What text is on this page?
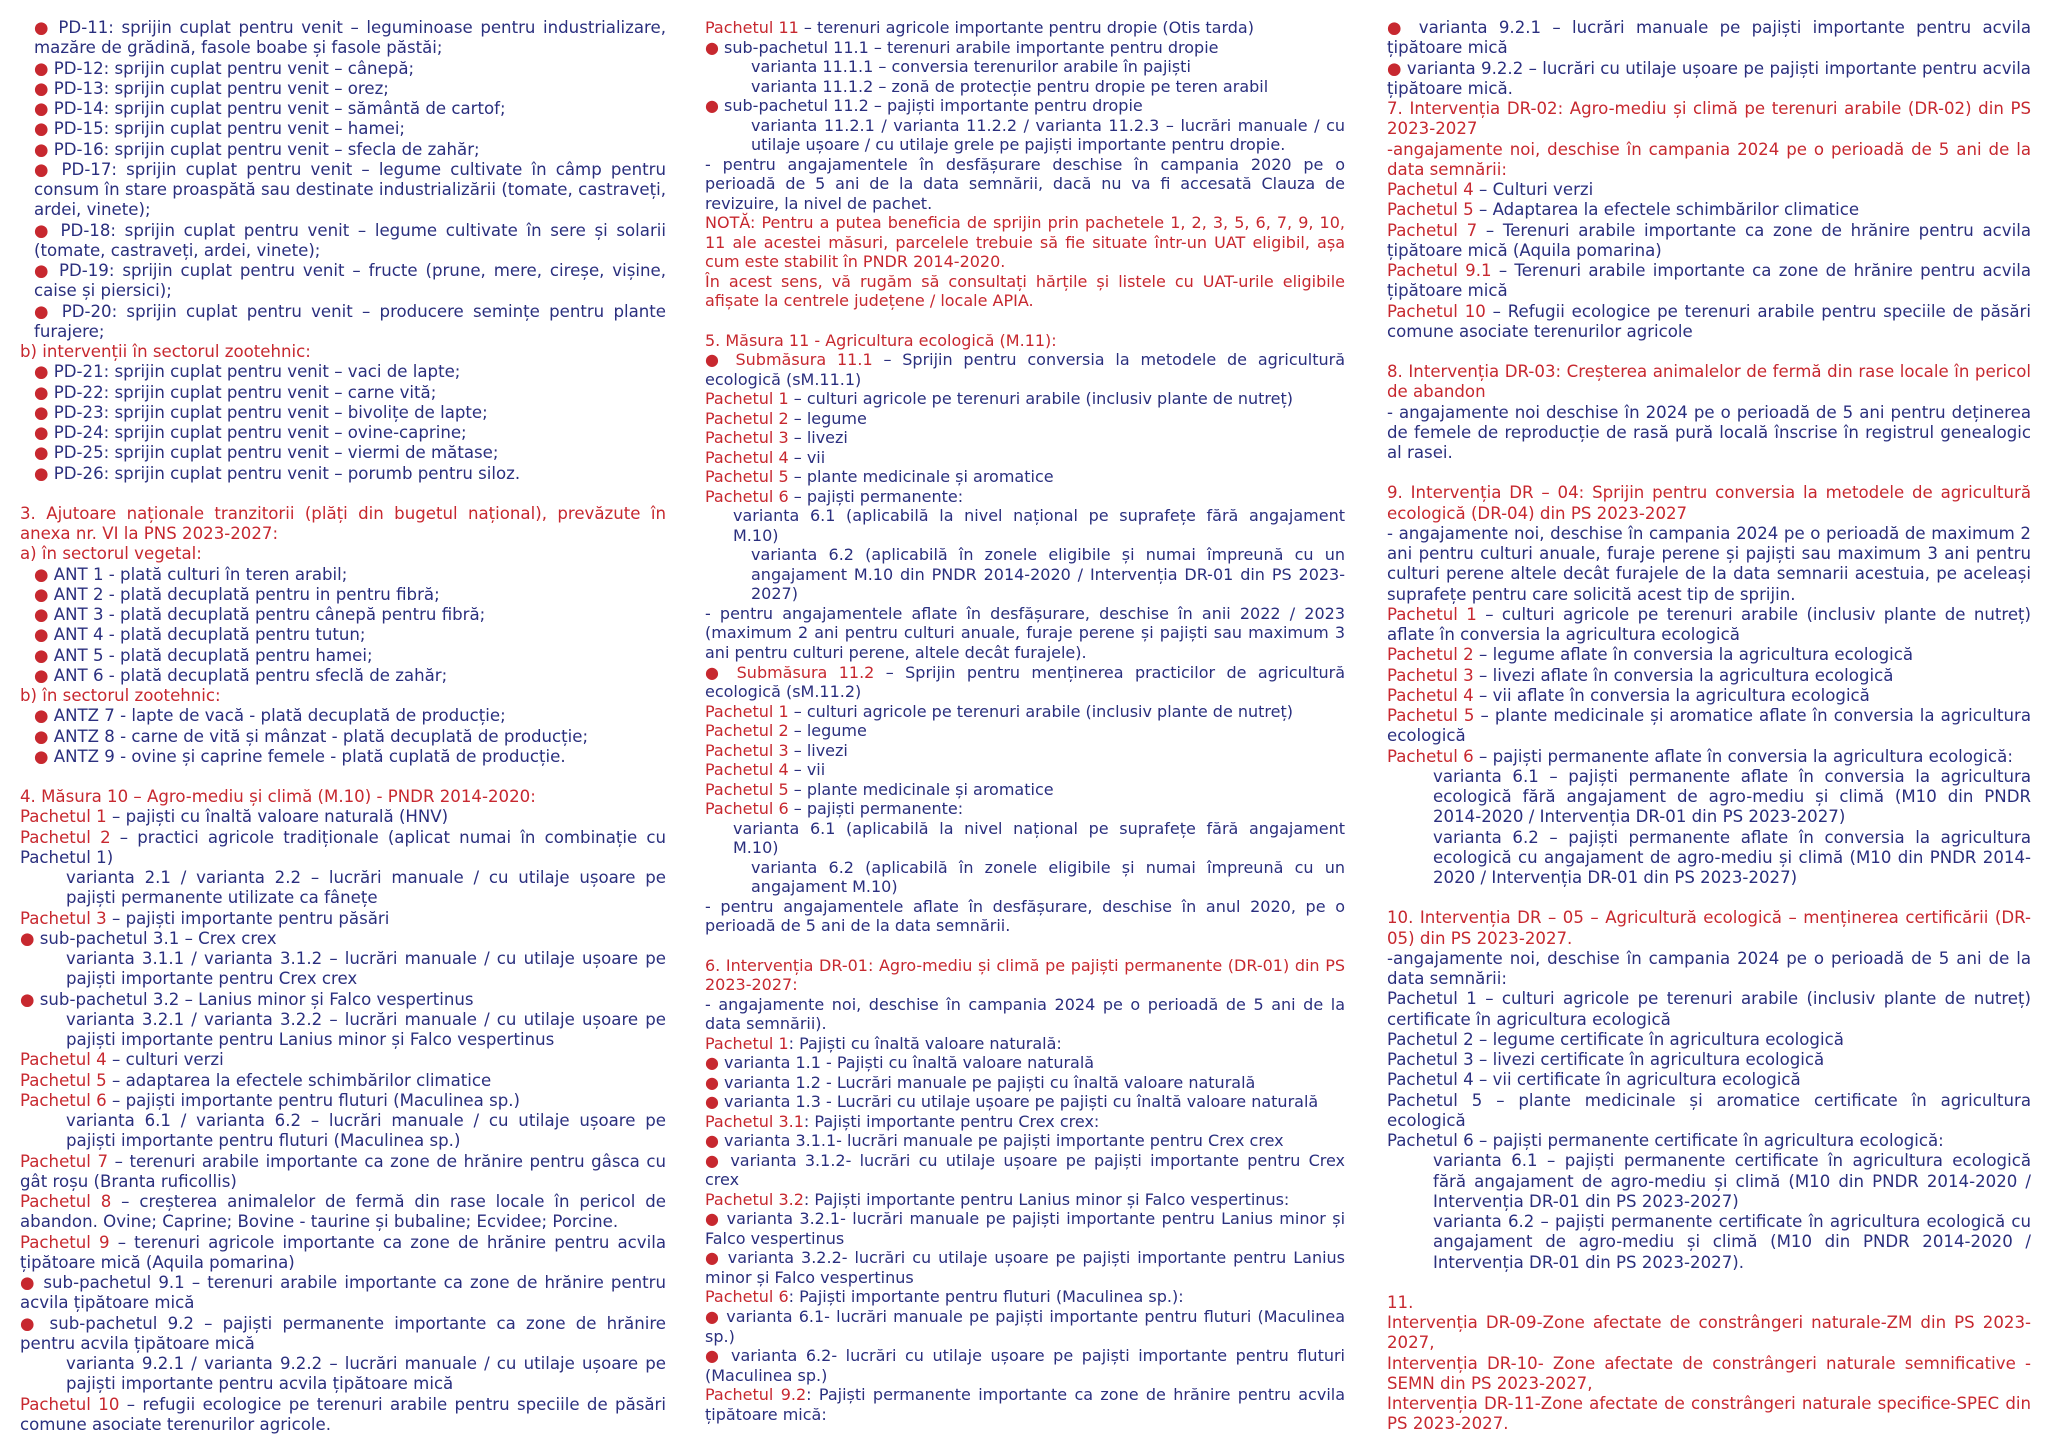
● PD-11: sprijin cuplat pentru venit – leguminoase pentru industrializare, mazăre de grădină, fasole boabe și fasole păstăi;
● PD-12: sprijin cuplat pentru venit – cânepă;
● PD-13: sprijin cuplat pentru venit – orez;
● PD-14: sprijin cuplat pentru venit – sământă de cartof;
● PD-15: sprijin cuplat pentru venit – hamei;
● PD-16: sprijin cuplat pentru venit – sfecla de zahăr;
● PD-17: sprijin cuplat pentru venit – legume cultivate în câmp pentru consum în stare proaspătă sau destinate industrializării (tomate, castraveți, ardei, vinete);
● PD-18: sprijin cuplat pentru venit – legume cultivate în sere și solarii (tomate, castraveți, ardei, vinete);
● PD-19: sprijin cuplat pentru venit – fructe (prune, mere, cireșe, vișine, caise și piersici);
● PD-20: sprijin cuplat pentru venit – producere semințe pentru plante furajere;
b) intervenții în sectorul zootehnic:
● PD-21: sprijin cuplat pentru venit – vaci de lapte;
● PD-22: sprijin cuplat pentru venit – carne vită;
● PD-23: sprijin cuplat pentru venit – bivolițe de lapte;
● PD-24: sprijin cuplat pentru venit – ovine-caprine;
● PD-25: sprijin cuplat pentru venit – viermi de mătase;
● PD-26: sprijin cuplat pentru venit – porumb pentru siloz.
3. Ajutoare naționale tranzitorii (plăți din bugetul național), prevăzute în anexa nr. VI la PNS 2023-2027:
a) în sectorul vegetal:
● ANT 1 - plată culturi în teren arabil;
● ANT 2 - plată decuplată pentru in pentru fibră;
● ANT 3 - plată decuplată pentru cânepă pentru fibră;
● ANT 4 - plată decuplată pentru tutun;
● ANT 5 - plată decuplată pentru hamei;
● ANT 6 - plată decuplată pentru sfeclă de zahăr;
b) în sectorul zootehnic:
● ANTZ 7 - lapte de vacă - plată decuplată de producție;
● ANTZ 8 - carne de vită și mânzat - plată decuplată de producție;
● ANTZ 9 - ovine și caprine femele - plată cuplată de producție.
4. Măsura 10 – Agro-mediu și climă (M.10) - PNDR 2014-2020:
Pachetul 1 – pajiști cu înaltă valoare naturală (HNV)
Pachetul 2 – practici agricole tradiționale (aplicat numai în combinație cu Pachetul 1)
varianta 2.1 / varianta 2.2 – lucrări manuale / cu utilaje ușoare pe pajiști permanente utilizate ca fânețe
Pachetul 3 – pajiști importante pentru păsări
● sub-pachetul 3.1 – Crex crex
varianta 3.1.1 / varianta 3.1.2 – lucrări manuale / cu utilaje ușoare pe pajiști importante pentru Crex crex
● sub-pachetul 3.2 – Lanius minor și Falco vespertinus
varianta 3.2.1 / varianta 3.2.2 – lucrări manuale / cu utilaje ușoare pe pajiști importante pentru Lanius minor și Falco vespertinus
Pachetul 4 – culturi verzi
Pachetul 5 – adaptarea la efectele schimbărilor climatice
Pachetul 6 – pajiști importante pentru fluturi (Maculinea sp.)
varianta 6.1 / varianta 6.2 – lucrări manuale / cu utilaje ușoare pe pajiști importante pentru fluturi (Maculinea sp.)
Pachetul 7 – terenuri arabile importante ca zone de hrănire pentru gâsca cu gât roșu (Branta ruficollis)
Pachetul 8 – creșterea animalelor de fermă din rase locale în pericol de abandon. Ovine; Caprine; Bovine - taurine și bubaline; Ecvidee; Porcine.
Pachetul 9 – terenuri agricole importante ca zone de hrănire pentru acvila țipătoare mică (Aquila pomarina)
● sub-pachetul 9.1 – terenuri arabile importante ca zone de hrănire pentru acvila țipătoare mică
● sub-pachetul 9.2 – pajiști permanente importante ca zone de hrănire pentru acvila țipătoare mică
varianta 9.2.1 / varianta 9.2.2 – lucrări manuale / cu utilaje ușoare pe pajiști importante pentru acvila țipătoare mică
Pachetul 10 – refugii ecologice pe terenuri arabile pentru speciile de păsări comune asociate terenurilor agricole.
Pachetul 11 – terenuri agricole importante pentru dropie (Otis tarda)
● sub-pachetul 11.1 – terenuri arabile importante pentru dropie
varianta 11.1.1 – conversia terenurilor arabile în pajiști
varianta 11.1.2 – zonă de protecție pentru dropie pe teren arabil
● sub-pachetul 11.2 – pajiști importante pentru dropie
varianta 11.2.1 / varianta 11.2.2 / varianta 11.2.3 – lucrări manuale / cu utilaje ușoare / cu utilaje grele pe pajiști importante pentru dropie.
- pentru angajamentele în desfășurare deschise în campania 2020 pe o perioadă de 5 ani de la data semnării, dacă nu va fi accesată Clauza de revizuire, la nivel de pachet.
NOTĂ: Pentru a putea beneficia de sprijin prin pachetele 1, 2, 3, 5, 6, 7, 9, 10, 11 ale acestei măsuri, parcelele trebuie să fie situate într-un UAT eligibil, așa cum este stabilit în PNDR 2014-2020.
În acest sens, vă rugăm să consultați hărțile și listele cu UAT-urile eligibile afișate la centrele județene / locale APIA.
5. Măsura 11 - Agricultura ecologică (M.11):
● Submăsura 11.1 – Sprijin pentru conversia la metodele de agricultură ecologică (sM.11.1)
Pachetul 1 – culturi agricole pe terenuri arabile (inclusiv plante de nutreț)
Pachetul 2 – legume
Pachetul 3 – livezi
Pachetul 4 – vii
Pachetul 5 – plante medicinale și aromatice
Pachetul 6 – pajiști permanente:
varianta 6.1 (aplicabilă la nivel național pe suprafețe fără angajament M.10)
varianta 6.2 (aplicabilă în zonele eligibile și numai împreună cu un angajament M.10 din PNDR 2014-2020 / Intervenția DR-01 din PS 2023-2027)
- pentru angajamentele aflate în desfășurare, deschise în anii 2022 / 2023 (maximum 2 ani pentru culturi anuale, furaje perene și pajiști sau maximum 3 ani pentru culturi perene, altele decât furajele).
● Submăsura 11.2 – Sprijin pentru menținerea practicilor de agricultură ecologică (sM.11.2)
Pachetul 1 – culturi agricole pe terenuri arabile (inclusiv plante de nutreț)
Pachetul 2 – legume
Pachetul 3 – livezi
Pachetul 4 – vii
Pachetul 5 – plante medicinale și aromatice
Pachetul 6 – pajiști permanente:
varianta 6.1 (aplicabilă la nivel național pe suprafețe fără angajament M.10)
varianta 6.2 (aplicabilă în zonele eligibile și numai împreună cu un angajament M.10)
- pentru angajamentele aflate în desfășurare, deschise în anul 2020, pe o perioadă de 5 ani de la data semnării.
6. Intervenția DR-01: Agro-mediu și climă pe pajiști permanente (DR-01) din PS 2023-2027:
- angajamente noi, deschise în campania 2024 pe o perioadă de 5 ani de la data semnării).
Pachetul 1: Pajiști cu înaltă valoare naturală:
● varianta 1.1 - Pajiști cu înaltă valoare naturală
● varianta 1.2 - Lucrări manuale pe pajiști cu înaltă valoare naturală
● varianta 1.3 - Lucrări cu utilaje ușoare pe pajiști cu înaltă valoare naturală
Pachetul 3.1: Pajiști importante pentru Crex crex:
● varianta 3.1.1- lucrări manuale pe pajiști importante pentru Crex crex
● varianta 3.1.2- lucrări cu utilaje ușoare pe pajiști importante pentru Crex crex
Pachetul 3.2: Pajiști importante pentru Lanius minor și Falco vespertinus:
● varianta 3.2.1- lucrări manuale pe pajiști importante pentru Lanius minor și Falco vespertinus
● varianta 3.2.2- lucrări cu utilaje ușoare pe pajiști importante pentru Lanius minor și Falco vespertinus
Pachetul 6: Pajiști importante pentru fluturi (Maculinea sp.):
● varianta 6.1- lucrări manuale pe pajiști importante pentru fluturi (Maculinea sp.)
● varianta 6.2- lucrări cu utilaje ușoare pe pajiști importante pentru fluturi (Maculinea sp.)
Pachetul 9.2: Pajiști permanente importante ca zone de hrănire pentru acvila țipătoare mică:
● varianta 9.2.1 – lucrări manuale pe pajiști importante pentru acvila țipătoare mică
● varianta 9.2.2 – lucrări cu utilaje ușoare pe pajiști importante pentru acvila țipătoare mică.
7. Intervenția DR-02: Agro-mediu și climă pe terenuri arabile (DR-02) din PS 2023-2027
-angajamente noi, deschise în campania 2024 pe o perioadă de 5 ani de la data semnării:
Pachetul 4 – Culturi verzi
Pachetul 5 – Adaptarea la efectele schimbărilor climatice
Pachetul 7 – Terenuri arabile importante ca zone de hrănire pentru acvila țipătoare mică (Aquila pomarina)
Pachetul 9.1 – Terenuri arabile importante ca zone de hrănire pentru acvila țipătoare mică
Pachetul 10 – Refugii ecologice pe terenuri arabile pentru speciile de păsări comune asociate terenurilor agricole
8. Intervenția DR-03: Creșterea animalelor de fermă din rase locale în pericol de abandon
- angajamente noi deschise în 2024 pe o perioadă de 5 ani pentru deținerea de femele de reproducție de rasă pură locală înscrise în registrul genealogic al rasei.
9. Intervenția DR – 04: Sprijin pentru conversia la metodele de agricultură ecologică (DR-04) din PS 2023-2027
- angajamente noi, deschise în campania 2024 pe o perioadă de maximum 2 ani pentru culturi anuale, furaje perene și pajiști sau maximum 3 ani pentru culturi perene altele decât furajele de la data semnarii acestuia, pe aceleași suprafețe pentru care solicită acest tip de sprijin.
Pachetul 1 – culturi agricole pe terenuri arabile (inclusiv plante de nutreț) aflate în conversia la agricultura ecologică
Pachetul 2 – legume aflate în conversia la agricultura ecologică
Pachetul 3 – livezi aflate în conversia la agricultura ecologică
Pachetul 4 – vii aflate în conversia la agricultura ecologică
Pachetul 5 – plante medicinale și aromatice aflate în conversia la agricultura ecologică
Pachetul 6 – pajiști permanente aflate în conversia la agricultura ecologică:
varianta 6.1 – pajiști permanente aflate în conversia la agricultura ecologică fără angajament de agro-mediu și climă (M10 din PNDR 2014-2020 / Intervenția DR-01 din PS 2023-2027)
varianta 6.2 – pajiști permanente aflate în conversia la agricultura ecologică cu angajament de agro-mediu și climă (M10 din PNDR 2014-2020 / Intervenția DR-01 din PS 2023-2027)
10. Intervenția DR – 05 – Agricultură ecologică – menținerea certificării (DR-05) din PS 2023-2027.
-angajamente noi, deschise în campania 2024 pe o perioadă de 5 ani de la data semnării:
Pachetul 1 – culturi agricole pe terenuri arabile (inclusiv plante de nutreț) certificate în agricultura ecologică
Pachetul 2 – legume certificate în agricultura ecologică
Pachetul 3 – livezi certificate în agricultura ecologică
Pachetul 4 – vii certificate în agricultura ecologică
Pachetul 5 – plante medicinale și aromatice certificate în agricultura ecologică
Pachetul 6 – pajiști permanente certificate în agricultura ecologică:
varianta 6.1 – pajiști permanente certificate în agricultura ecologică fără angajament de agro-mediu și climă (M10 din PNDR 2014-2020 / Intervenția DR-01 din PS 2023-2027)
varianta 6.2 – pajiști permanente certificate în agricultura ecologică cu angajament de agro-mediu și climă (M10 din PNDR 2014-2020 / Intervenția DR-01 din PS 2023-2027).
11.
Intervenția DR-09-Zone afectate de constrângeri naturale-ZM din PS 2023-2027,
Intervenția DR-10- Zone afectate de constrângeri naturale semnificative - SEMN din PS 2023-2027,
Intervenția DR-11-Zone afectate de constrângeri naturale specifice-SPEC din PS 2023-2027.
